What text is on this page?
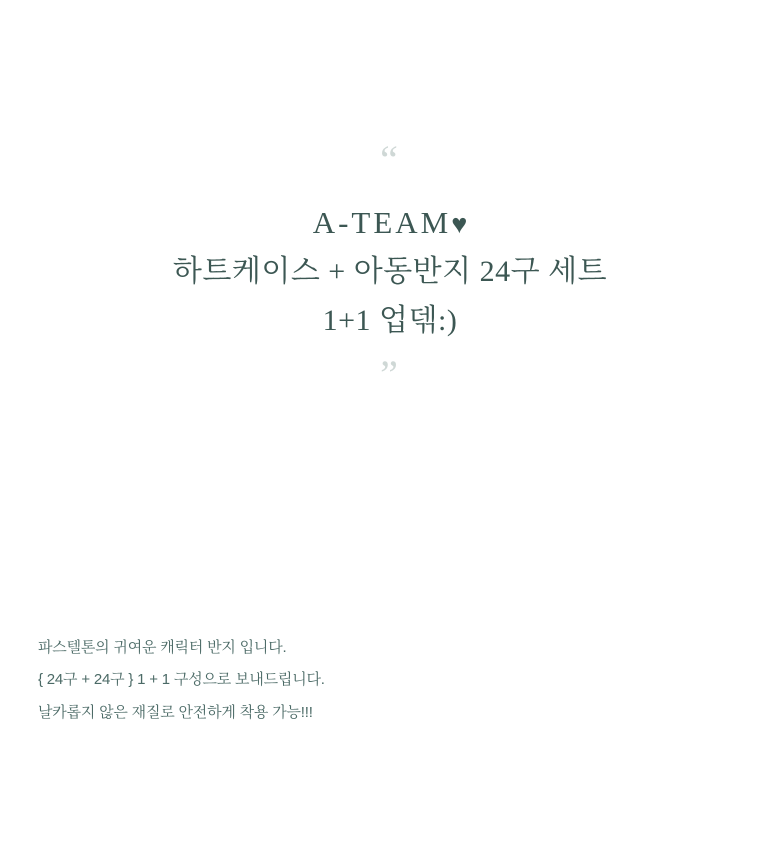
“
A-TEAM♥
하트케이스 + 아동반지 24구 세트
1+1 업덲:)
”
파스텔톤의 귀여운 캐릭터 반지 입니다.
{ 24구 + 24구 } 1 + 1 구성으로 보내드립니다.
날카롭지 않은 재질로 안전하게 착용 가능!!!
